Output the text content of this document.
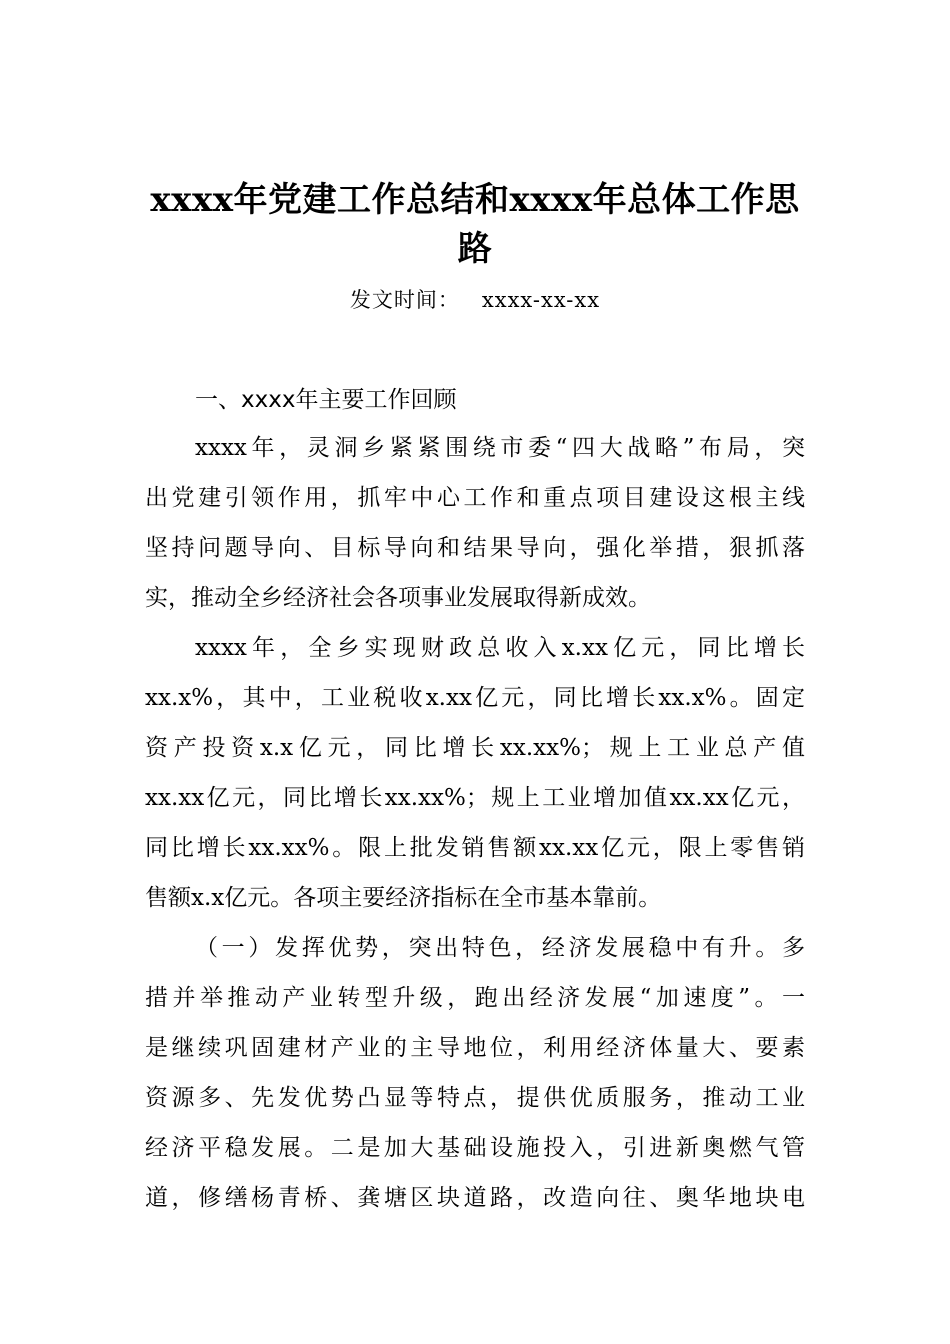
xxxx年党建工作总结和xxxx年总体工作思
路
发文时间： xxxx-xx-xx
一、xxxx年主要工作回顾
xxxx年，灵洞乡紧紧围绕市委“四大战略”布局，突
出党建引领作用，抓牢中心工作和重点项目建设这根主线
坚持问题导向、目标导向和结果导向，强化举措，狠抓落
实，推动全乡经济社会各项事业发展取得新成效。
xxxx年，全乡实现财政总收入x.xx亿元，同比增长
xx.x%，其中，工业税收x.xx亿元，同比增长xx.x%。固定
资产投资x.x亿元，同比增长xx.xx%；规上工业总产值
xx.xx亿元，同比增长xx.xx%；规上工业增加值xx.xx亿元，
同比增长xx.xx%。限上批发销售额xx.xx亿元，限上零售销
售额x.x亿元。各项主要经济指标在全市基本靠前。
（一）发挥优势，突出特色，经济发展稳中有升。多
措并举推动产业转型升级，跑出经济发展“加速度”。一
是继续巩固建材产业的主导地位，利用经济体量大、要素
资源多、先发优势凸显等特点，提供优质服务，推动工业
经济平稳发展。二是加大基础设施投入，引进新奥燃气管
道，修缮杨青桥、龚塘区块道路，改造向往、奥华地块电
